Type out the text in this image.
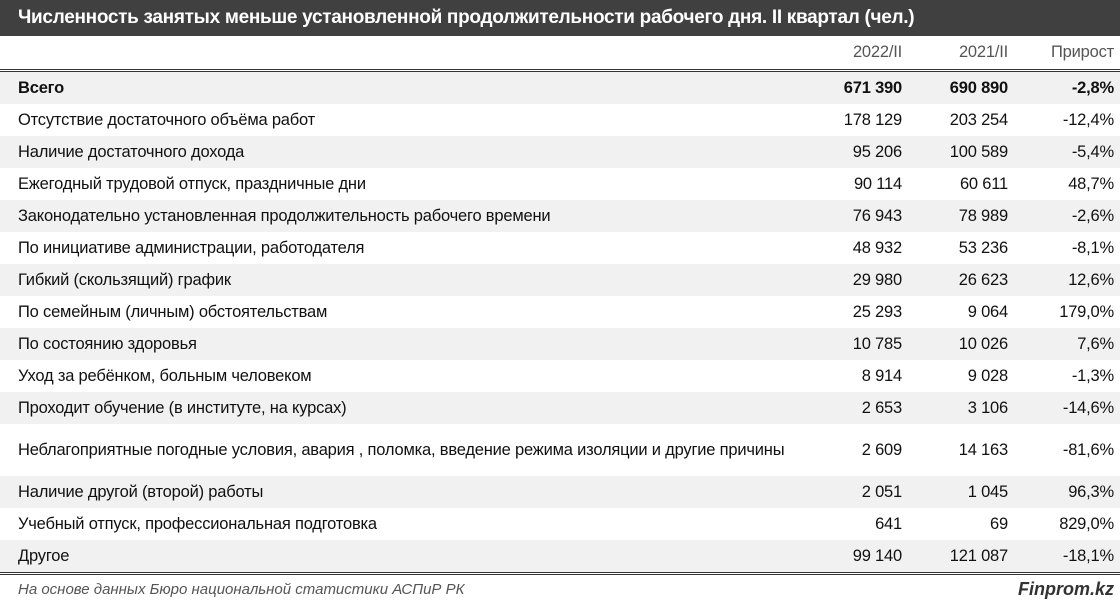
Численность занятых меньше установленной продолжительности рабочего дня. II квартал (чел.)
2022/II	2021/II	Прирост
Всего	671 390	690 890	-2,8%
Отсутствие достаточного объёма работ	178 129	203 254	-12,4%
Наличие достаточного дохода	95 206	100 589	-5,4%
Ежегодный трудовой отпуск, праздничные дни	90 114	60 611	48,7%
Законодательно установленная продолжительность рабочего времени	76 943	78 989	-2,6%
По инициативе администрации, работодателя	48 932	53 236	-8,1%
Гибкий (скользящий) график	29 980	26 623	12,6%
По семейным (личным) обстоятельствам	25 293	9 064	179,0%
По состоянию здоровья	10 785	10 026	7,6%
Уход за ребёнком, больным человеком	8 914	9 028	-1,3%
Проходит обучение (в институте, на курсах)	2 653	3 106	-14,6%
Неблагоприятные погодные условия, авария , поломка, введение режима изоляции и другие причины	2 609	14 163	-81,6%
Наличие другой (второй) работы	2 051	1 045	96,3%
Учебный отпуск, профессиональная подготовка	641	69	829,0%
Другое	99 140	121 087	-18,1%
На основе данных Бюро национальной статистики АСПиР РК	Finprom.kz
